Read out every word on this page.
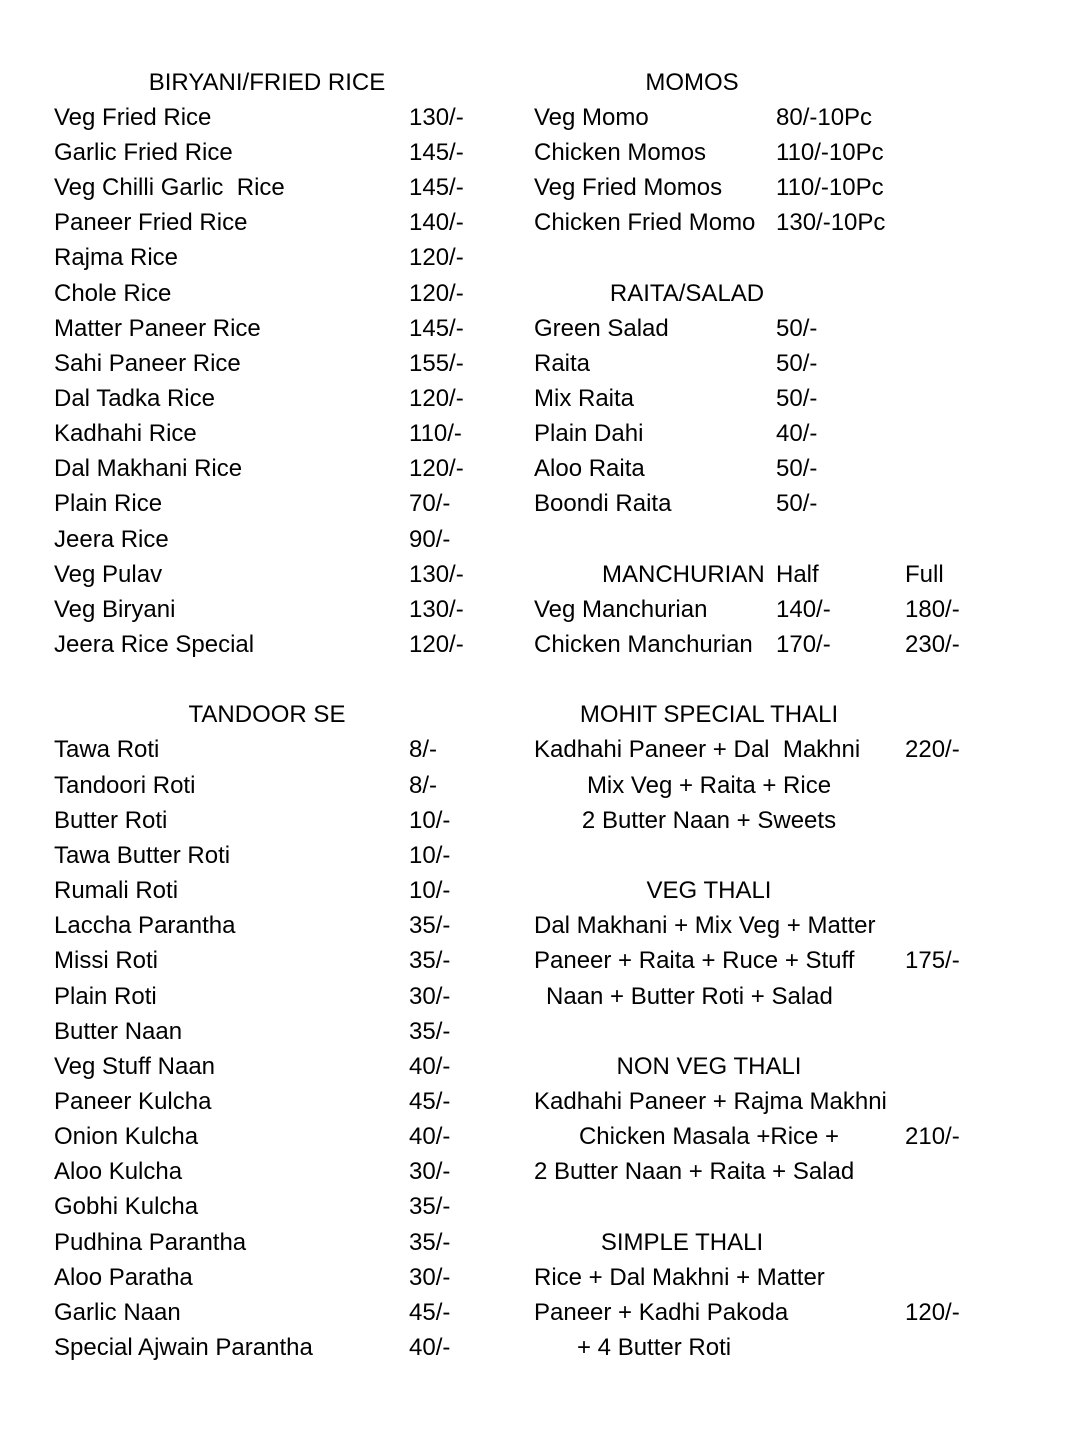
BIRYANI/FRIED RICE
Veg Fried Rice	130/-
Garlic Fried Rice	145/-
Veg Chilli Garlic  Rice	145/-
Paneer Fried Rice	140/-
Rajma Rice	120/-
Chole Rice	120/-
Matter Paneer Rice	145/-
Sahi Paneer Rice	155/-
Dal Tadka Rice	120/-
Kadhahi Rice	110/-
Dal Makhani Rice	120/-
Plain Rice	70/-
Jeera Rice	90/-
Veg Pulav	130/-
Veg Biryani	130/-
Jeera Rice Special	120/-
TANDOOR SE
Tawa Roti	8/-
Tandoori Roti	8/-
Butter Roti	10/-
Tawa Butter Roti	10/-
Rumali Roti	10/-
Laccha Parantha	35/-
Missi Roti	35/-
Plain Roti	30/-
Butter Naan	35/-
Veg Stuff Naan	40/-
Paneer Kulcha	45/-
Onion Kulcha	40/-
Aloo Kulcha	30/-
Gobhi Kulcha	35/-
Pudhina Parantha	35/-
Aloo Paratha	30/-
Garlic Naan	45/-
Special Ajwain Parantha	40/-
MOMOS
Veg Momo	80/-10Pc
Chicken Momos	110/-10Pc
Veg Fried Momos 110/-10Pc
Chicken Fried Momo 130/-10Pc
RAITA/SALAD
Green Salad	50/-
Raita	50/-
Mix Raita	50/-
Plain Dahi	40/-
Aloo Raita	50/-
Boondi Raita	50/-
MANCHURIAN Half	Full
Veg Manchurian	140/-	180/-
Chicken Manchurian 170/-	230/-
MOHIT SPECIAL THALI
Kadhahi Paneer + Dal  Makhni
Mix Veg + Raita + Rice
2 Butter Naan + Sweets
220/-
VEG THALI
Dal Makhani + Mix Veg + Matter
Paneer + Raita + Ruce + Stuff
Naan + Butter Roti + Salad
175/-
NON VEG THALI
Kadhahi Paneer + Rajma Makhni
Chicken Masala +Rice +
2 Butter Naan + Raita + Salad
210/-
SIMPLE THALI
Rice + Dal Makhni + Matter
Paneer + Kadhi Pakoda
+ 4 Butter Roti
120/-
